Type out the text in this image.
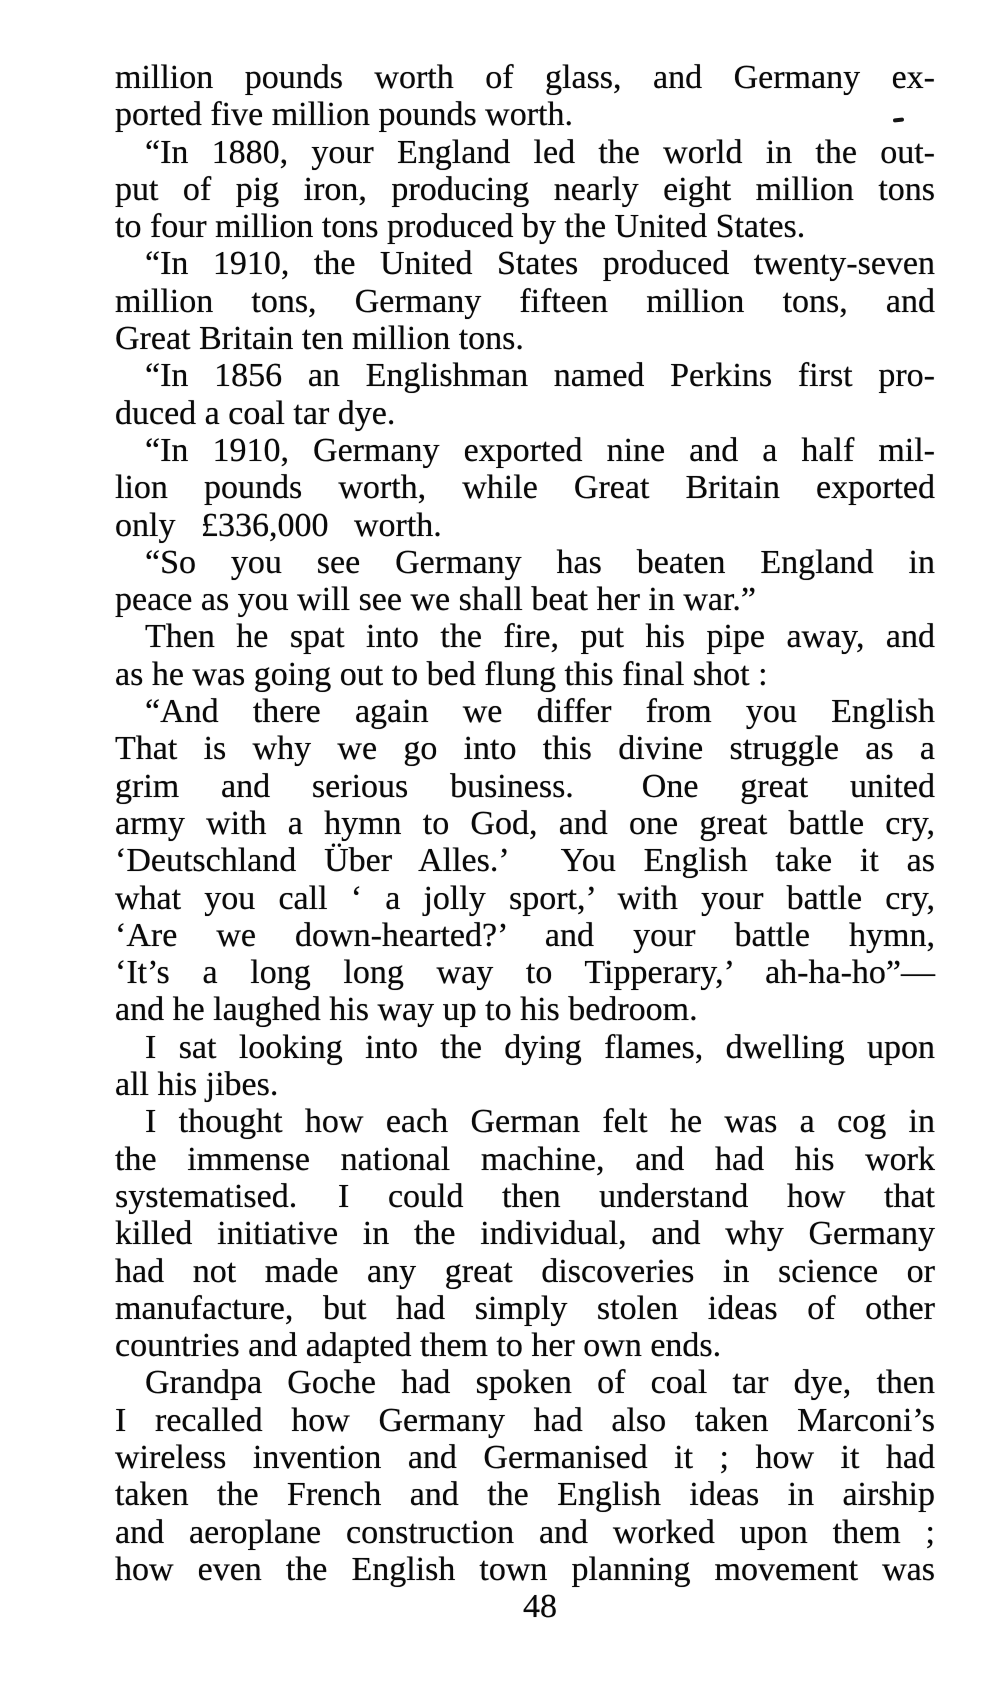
million pounds worth of glass, and Germany ex-
ported five million pounds worth.
“In 1880, your England led the world in the out-
put of pig iron, producing nearly eight million tons
to four million tons produced by the United States.
“In 1910, the United States produced twenty-seven
million tons, Germany fifteen million tons, and
Great Britain ten million tons.
“In 1856 an Englishman named Perkins first pro-
duced a coal tar dye.
“In 1910, Germany exported nine and a half mil-
lion pounds worth, while Great Britain exported
only  £336,000  worth.
“So you see Germany has beaten England in
peace as you will see we shall beat her in war.”
Then he spat into the fire, put his pipe away, and
as he was going out to bed flung this final shot :
“And there again we differ from you English
That is why we go into this divine struggle as a
grim and serious business.  One great united
army with a hymn to God, and one great battle cry,
‘Deutschland Über Alles.’  You English take it as
what you call ‘ a jolly sport,’ with your battle cry,
‘Are we down-hearted?’ and your battle hymn,
‘It’s a long long way to Tipperary,’ ah-ha-ho”—
and he laughed his way up to his bedroom.
I sat looking into the dying flames, dwelling upon
all his jibes.
I thought how each German felt he was a cog in
the immense national machine, and had his work
systematised.  I could then understand how that
killed initiative in the individual, and why Germany
had not made any great discoveries in science or
manufacture, but had simply stolen ideas of other
countries and adapted them to her own ends.
Grandpa Goche had spoken of coal tar dye, then
I recalled how Germany had also taken Marconi’s
wireless invention and Germanised it ; how it had
taken the French and the English ideas in airship
and aeroplane construction and worked upon them ;
how even the English town planning movement was
48
